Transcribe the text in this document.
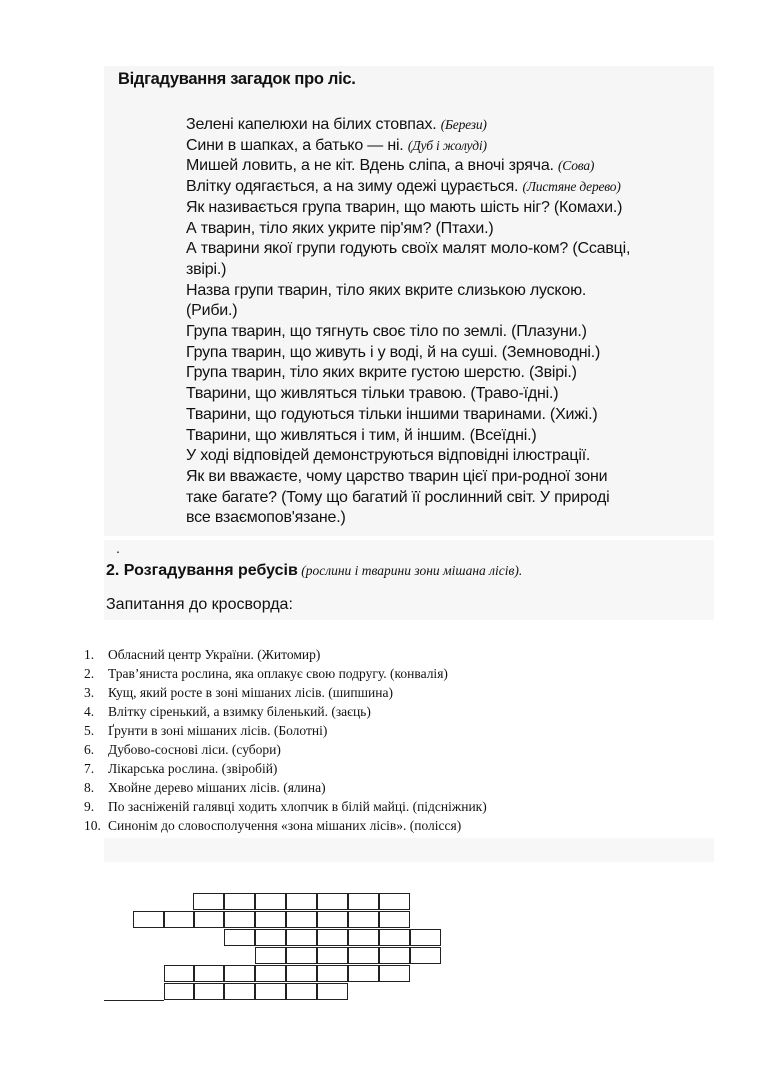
Відгадування загадок про ліс.
Зелені капелюхи на білих стовпах. (Берези)
Сини в шапках, а батько — ні. (Дуб і жолуді)
Мишей ловить, а не кіт. Вдень сліпа, а вночі зряча. (Сова)
Влітку одягається, а на зиму одежі цурається. (Листяне дерево)
Як називається група тварин, що мають шість ніг? (Комахи.)
А тварин, тіло яких укрите пір'ям? (Птахи.)
А тварини якої групи годують своїх малят моло-ком? (Ссавці,
звірі.)
Назва групи тварин, тіло яких вкрите слизькою лускою.
(Риби.)
Група тварин, що тягнуть своє тіло по землі. (Плазуни.)
Група тварин, що живуть і у воді, й на суші. (Земноводні.)
Група тварин, тіло яких вкрите густою шерстю. (Звірі.)
Тварини, що живляться тільки травою. (Траво-їдні.)
Тварини, що годуються тільки іншими тваринами. (Хижі.)
Тварини, що живляться і тим, й іншим. (Всеїдні.)
У ході відповідей демонструються відповідні ілюстрації.
Як ви вважаєте, чому царство тварин цієї при-родної зони
таке багате? (Тому що багатий її рослинний світ. У природі
все взаємопов'язане.)
.
2. Розгадування ребусів (рослини і тварини зони мішана лісів).
Запитання до кросворда:
1. Обласний центр України. (Житомир)
2. Трав’яниста рослина, яка оплакує свою подругу. (конвалія)
3. Кущ, який росте в зоні мішаних лісів. (шипшина)
4. Влітку сіренький, а взимку біленький. (заєць)
5. Ґрунти в зоні мішаних лісів. (Болотні)
6. Дубово-соснові ліси. (субори)
7. Лікарська рослина. (звіробій)
8. Хвойне дерево мішаних лісів. (ялина)
9. По засніженій галявці ходить хлопчик в білій майці. (підсніжник)
10. Синонім до словосполучення «зона мішаних лісів». (полісся)
